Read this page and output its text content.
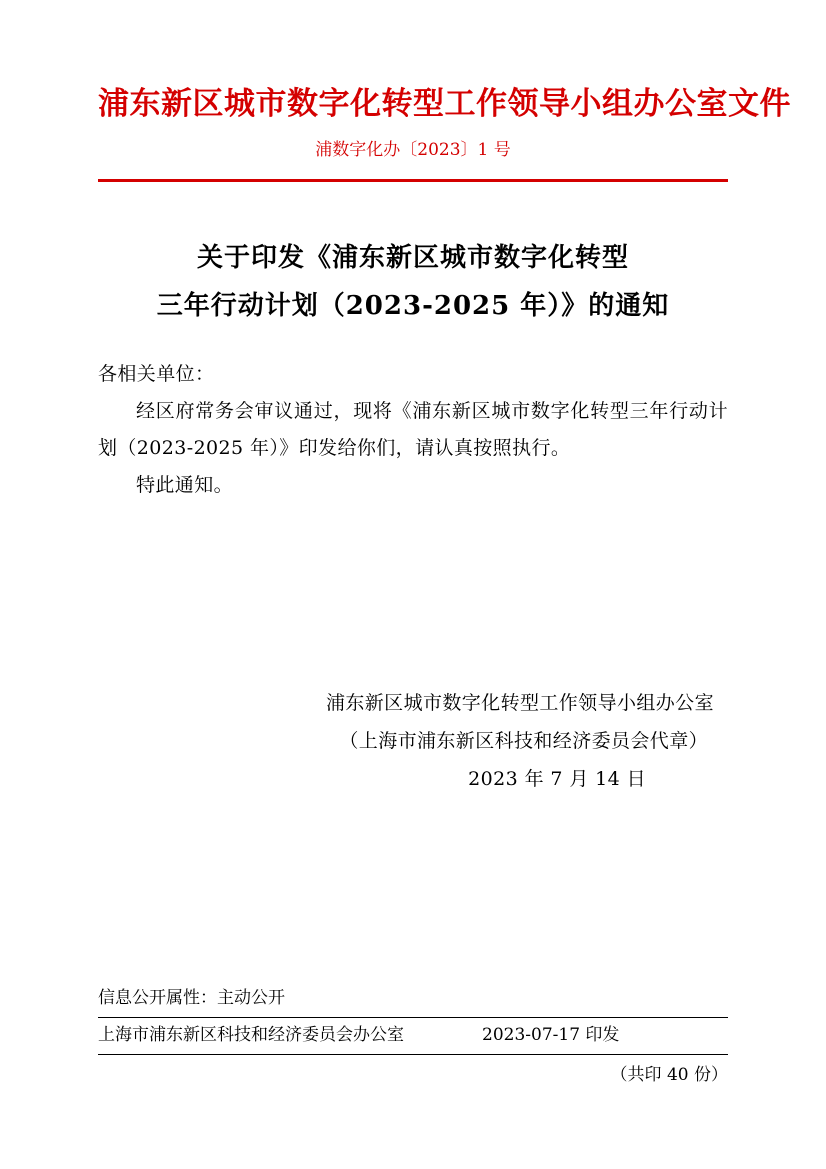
浦东新区城市数字化转型工作领导小组办公室文件
浦数字化办〔2023〕1 号
关于印发《浦东新区城市数字化转型
三年行动计划（2023-2025 年）》的通知
各相关单位：
经区府常务会审议通过，现将《浦东新区城市数字化转型三年行动计划（2023-2025 年）》印发给你们，请认真按照执行。
特此通知。
浦东新区城市数字化转型工作领导小组办公室
（上海市浦东新区科技和经济委员会代章）
2023 年 7 月 14 日
信息公开属性：主动公开
上海市浦东新区科技和经济委员会办公室	2023-07-17 印发
（共印 40 份）
